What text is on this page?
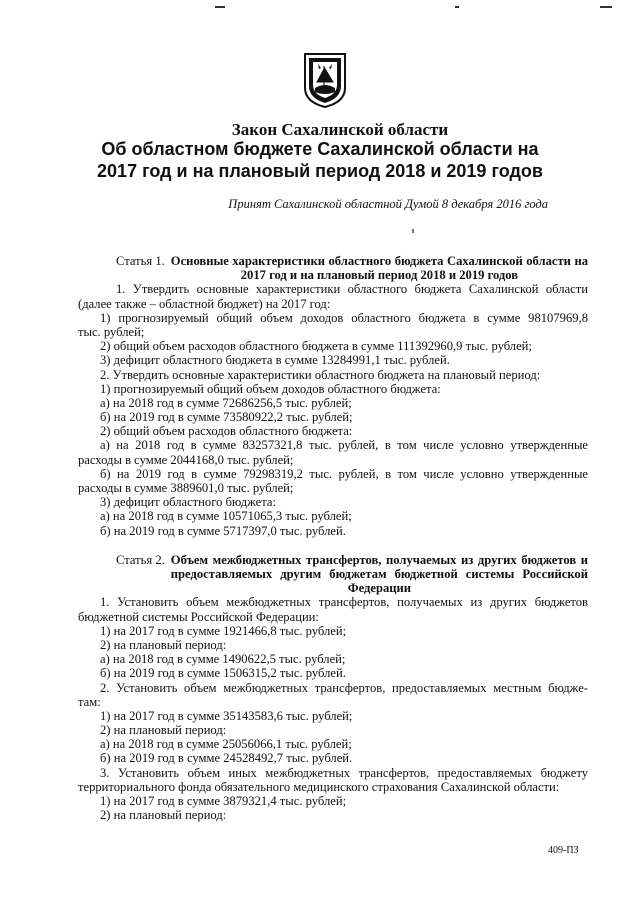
Закон Сахалинской области
Об областном бюджете Сахалинской области на
2017 год и на плановый период 2018 и 2019 годов
Принят Сахалинской областной Думой 8 декабря 2016 года
Статья 1. Основные характеристики областного бюджета Сахалинской области на 2017 год и на плановый период 2018 и 2019 годов
1. Утвердить основные характеристики областного бюджета Сахалинской области
(далее также – областной бюджет) на 2017 год:
1) прогнозируемый общий объем доходов областного бюджета в сумме 98107969,8
тыс. рублей;
2) общий объем расходов областного бюджета в сумме 111392960,9 тыс. рублей;
3) дефицит областного бюджета в сумме 13284991,1 тыс. рублей.
2. Утвердить основные характеристики областного бюджета на плановый период:
1) прогнозируемый общий объем доходов областного бюджета:
а) на 2018 год в сумме 72686256,5 тыс. рублей;
б) на 2019 год в сумме 73580922,2 тыс. рублей;
2) общий объем расходов областного бюджета:
а) на 2018 год в сумме 83257321,8 тыс. рублей, в том числе условно утвержденные
расходы в сумме 2044168,0 тыс. рублей;
б) на 2019 год в сумме 79298319,2 тыс. рублей, в том числе условно утвержденные
расходы в сумме 3889601,0 тыс. рублей;
3) дефицит областного бюджета:
а) на 2018 год в сумме 10571065,3 тыс. рублей;
б) на 2019 год в сумме 5717397,0 тыс. рублей.
Статья 2. Объем межбюджетных трансфертов, получаемых из других бюджетов и предоставляемых другим бюджетам бюджетной системы Российской Федерации
1. Установить объем межбюджетных трансфертов, получаемых из других бюджетов
бюджетной системы Российской Федерации:
1) на 2017 год в сумме 1921466,8 тыс. рублей;
2) на плановый период:
а) на 2018 год в сумме 1490622,5 тыс. рублей;
б) на 2019 год в сумме 1506315,2 тыс. рублей.
2. Установить объем межбюджетных трансфертов, предоставляемых местным бюдже-
там:
1) на 2017 год в сумме 35143583,6 тыс. рублей;
2) на плановый период:
а) на 2018 год в сумме 25056066,1 тыс. рублей;
б) на 2019 год в сумме 24528492,7 тыс. рублей.
3. Установить объем иных межбюджетных трансфертов, предоставляемых бюджету
территориального фонда обязательного медицинского страхования Сахалинской области:
1) на 2017 год в сумме 3879321,4 тыс. рублей;
2) на плановый период:
409-ПЗ
